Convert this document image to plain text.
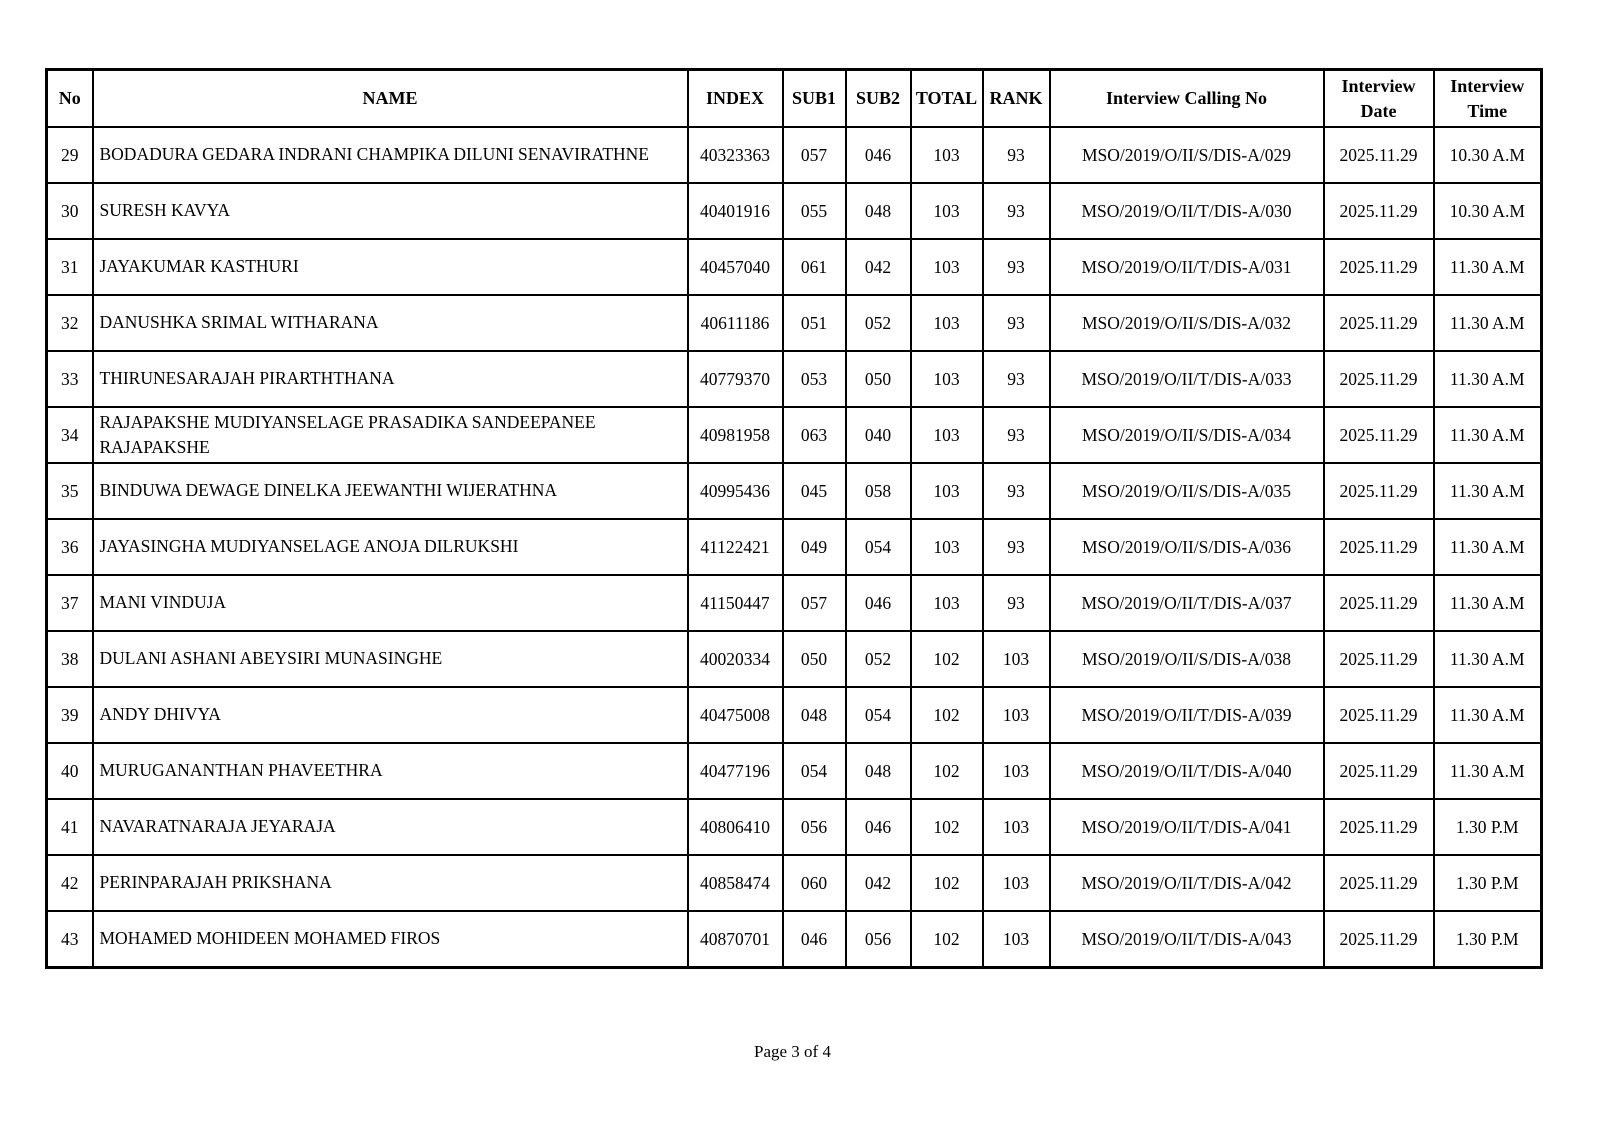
No	NAME	INDEX	SUB1	SUB2	TOTAL	RANK	Interview Calling No	Interview Date	Interview Time
29	BODADURA GEDARA INDRANI CHAMPIKA DILUNI SENAVIRATHNE	40323363	057	046	103	93	MSO/2019/O/II/S/DIS-A/029	2025.11.29	10.30 A.M
30	SURESH KAVYA	40401916	055	048	103	93	MSO/2019/O/II/T/DIS-A/030	2025.11.29	10.30 A.M
31	JAYAKUMAR KASTHURI	40457040	061	042	103	93	MSO/2019/O/II/T/DIS-A/031	2025.11.29	11.30 A.M
32	DANUSHKA SRIMAL WITHARANA	40611186	051	052	103	93	MSO/2019/O/II/S/DIS-A/032	2025.11.29	11.30 A.M
33	THIRUNESARAJAH PIRARTHTHANA	40779370	053	050	103	93	MSO/2019/O/II/T/DIS-A/033	2025.11.29	11.30 A.M
34	RAJAPAKSHE MUDIYANSELAGE PRASADIKA SANDEEPANEE RAJAPAKSHE	40981958	063	040	103	93	MSO/2019/O/II/S/DIS-A/034	2025.11.29	11.30 A.M
35	BINDUWA DEWAGE DINELKA JEEWANTHI WIJERATHNA	40995436	045	058	103	93	MSO/2019/O/II/S/DIS-A/035	2025.11.29	11.30 A.M
36	JAYASINGHA MUDIYANSELAGE ANOJA DILRUKSHI	41122421	049	054	103	93	MSO/2019/O/II/S/DIS-A/036	2025.11.29	11.30 A.M
37	MANI VINDUJA	41150447	057	046	103	93	MSO/2019/O/II/T/DIS-A/037	2025.11.29	11.30 A.M
38	DULANI ASHANI ABEYSIRI MUNASINGHE	40020334	050	052	102	103	MSO/2019/O/II/S/DIS-A/038	2025.11.29	11.30 A.M
39	ANDY DHIVYA	40475008	048	054	102	103	MSO/2019/O/II/T/DIS-A/039	2025.11.29	11.30 A.M
40	MURUGANANTHAN PHAVEETHRA	40477196	054	048	102	103	MSO/2019/O/II/T/DIS-A/040	2025.11.29	11.30 A.M
41	NAVARATNARAJA JEYARAJA	40806410	056	046	102	103	MSO/2019/O/II/T/DIS-A/041	2025.11.29	1.30 P.M
42	PERINPARAJAH PRIKSHANA	40858474	060	042	102	103	MSO/2019/O/II/T/DIS-A/042	2025.11.29	1.30 P.M
43	MOHAMED MOHIDEEN MOHAMED FIROS	40870701	046	056	102	103	MSO/2019/O/II/T/DIS-A/043	2025.11.29	1.30 P.M
Page 3 of 4
